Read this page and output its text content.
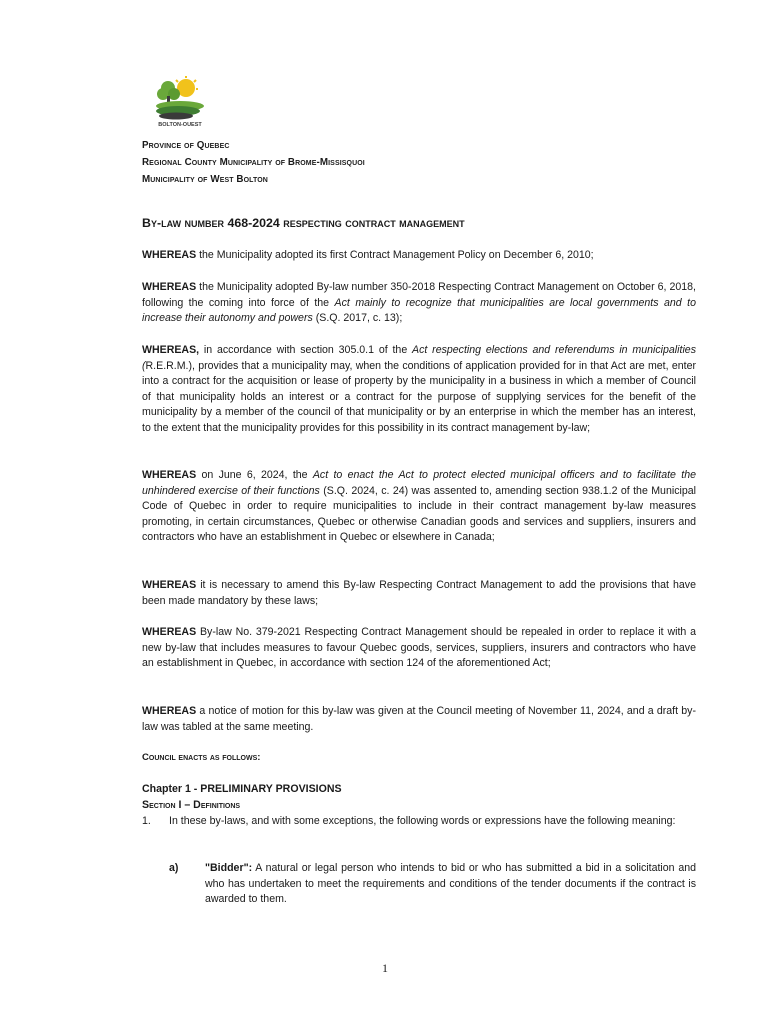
BOLTON-OUEST
Province of Quebec
Regional County Municipality of Brome-Missisquoi
Municipality of West Bolton
By-law number 468-2024 respecting contract management
WHEREAS the Municipality adopted its first Contract Management Policy on December 6, 2010;
WHEREAS the Municipality adopted By-law number 350-2018 Respecting Contract Management on October 6, 2018, following the coming into force of the Act mainly to recognize that municipalities are local governments and to increase their autonomy and powers (S.Q. 2017, c. 13);
WHEREAS, in accordance with section 305.0.1 of the Act respecting elections and referendums in municipalities (R.E.R.M.), provides that a municipality may, when the conditions of application provided for in that Act are met, enter into a contract for the acquisition or lease of property by the municipality in a business in which a member of Council of that municipality holds an interest or a contract for the purpose of supplying services for the benefit of the municipality by a member of the council of that municipality or by an enterprise in which the member has an interest, to the extent that the municipality provides for this possibility in its contract management by-law;
WHEREAS on June 6, 2024, the Act to enact the Act to protect elected municipal officers and to facilitate the unhindered exercise of their functions (S.Q. 2024, c. 24) was assented to, amending section 938.1.2 of the Municipal Code of Quebec in order to require municipalities to include in their contract management by-law measures promoting, in certain circumstances, Quebec or otherwise Canadian goods and services and suppliers, insurers and contractors who have an establishment in Quebec or elsewhere in Canada;
WHEREAS it is necessary to amend this By-law Respecting Contract Management to add the provisions that have been made mandatory by these laws;
WHEREAS By-law No. 379-2021 Respecting Contract Management should be repealed in order to replace it with a new by-law that includes measures to favour Quebec goods, services, suppliers, insurers and contractors who have an establishment in Quebec, in accordance with section 124 of the aforementioned Act;
WHEREAS a notice of motion for this by-law was given at the Council meeting of November 11, 2024, and a draft by-law was tabled at the same meeting.
Council enacts as follows:
Chapter 1 - PRELIMINARY PROVISIONS
Section I – Definitions
1. In these by-laws, and with some exceptions, the following words or expressions have the following meaning:
a)	"Bidder": A natural or legal person who intends to bid or who has submitted a bid in a solicitation and who has undertaken to meet the requirements and conditions of the tender documents if the contract is awarded to them.
1
